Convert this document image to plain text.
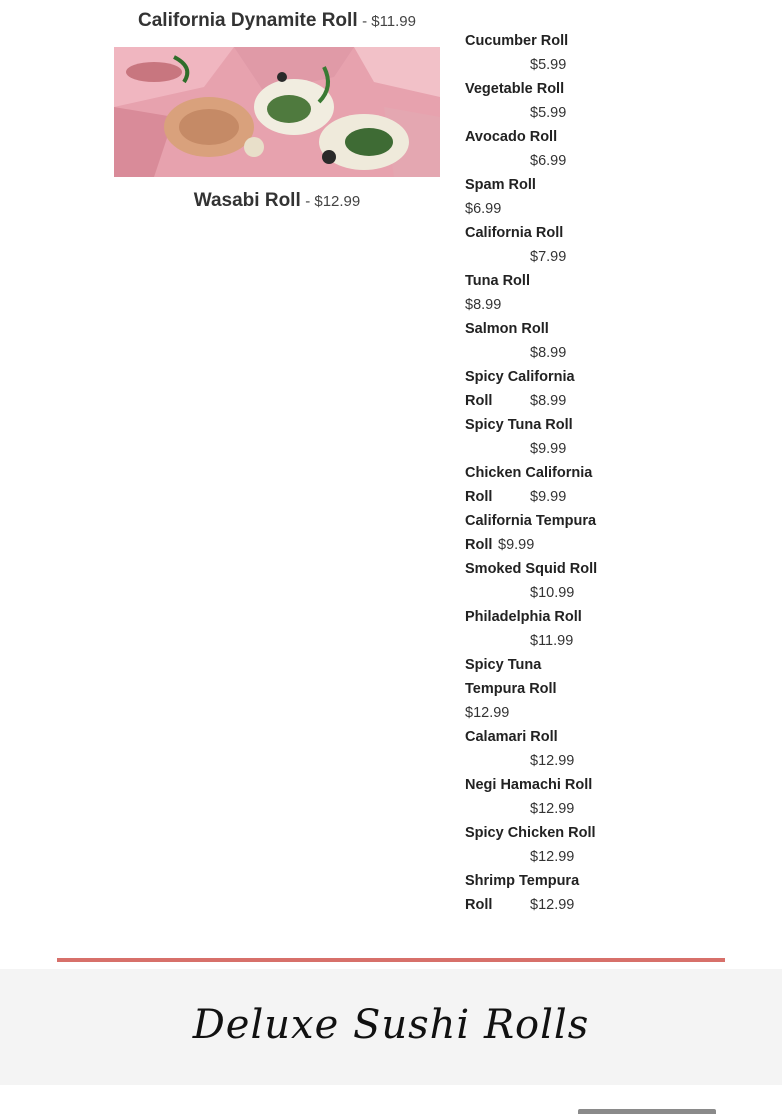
California Dynamite Roll - $11.99
Wasabi Roll - $12.99
Cucumber Roll
$5.99
Vegetable Roll
$5.99
Avocado Roll
$6.99
Spam Roll
$6.99
California Roll
$7.99
Tuna Roll
$8.99
Salmon Roll
$8.99
Spicy California Roll	$8.99
Spicy Tuna Roll
$9.99
Chicken California Roll	$9.99
California Tempura Roll $9.99
Smoked Squid Roll
$10.99
Philadelphia Roll
$11.99
Spicy Tuna Tempura Roll
$12.99
Calamari Roll
$12.99
Negi Hamachi Roll
$12.99
Spicy Chicken Roll
$12.99
Shrimp Tempura Roll	$12.99
Deluxe Sushi Rolls
